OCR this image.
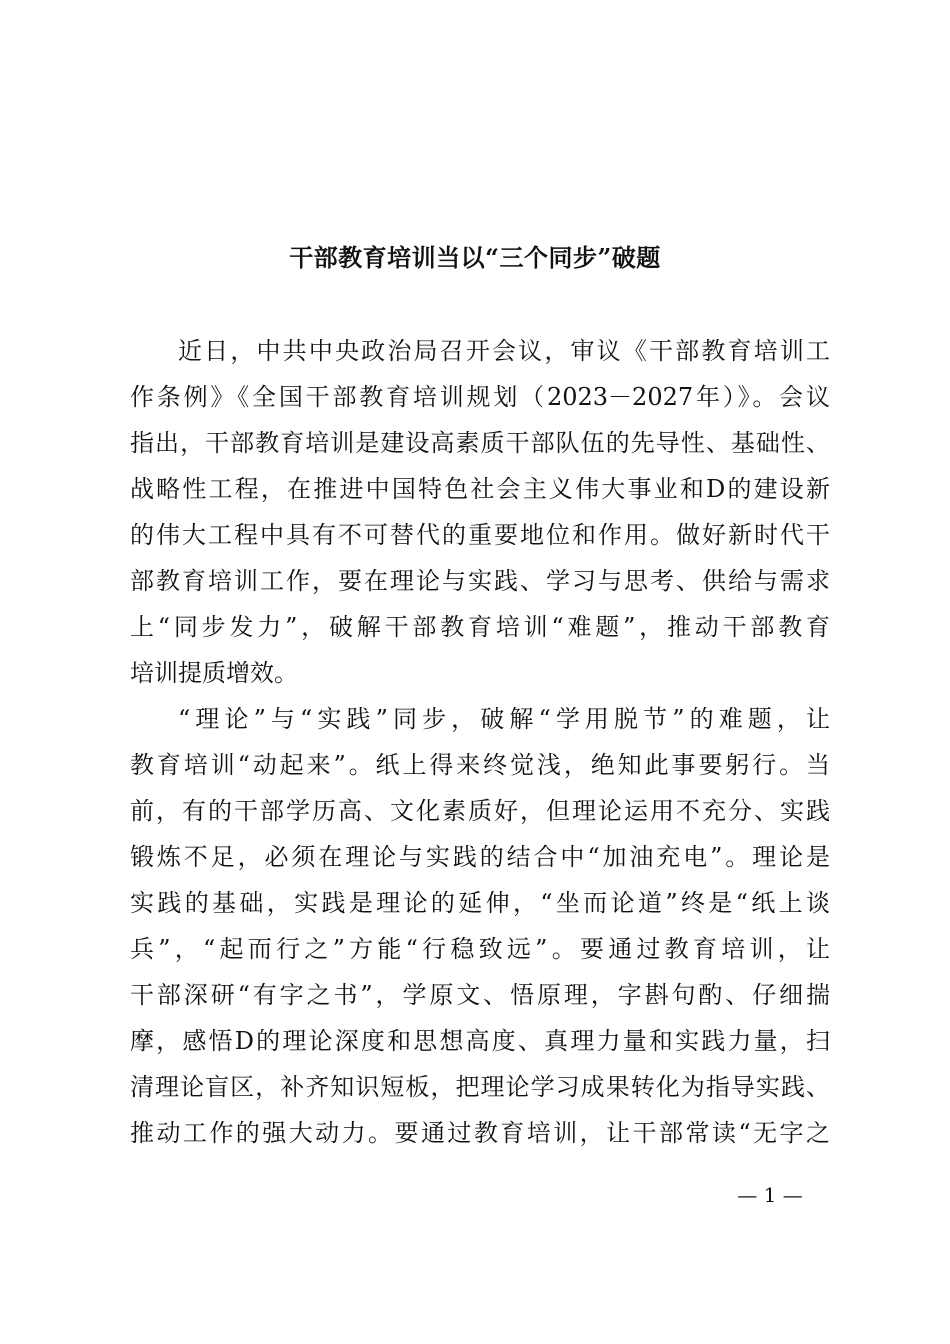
干部教育培训当以“三个同步”破题
近日，中共中央政治局召开会议，审议《干部教育培训工
作条例》《全国干部教育培训规划（2023－2027年）》。会议
指出，干部教育培训是建设高素质干部队伍的先导性、基础性、
战略性工程，在推进中国特色社会主义伟大事业和D的建设新
的伟大工程中具有不可替代的重要地位和作用。做好新时代干
部教育培训工作，要在理论与实践、学习与思考、供给与需求
上“同步发力”，破解干部教育培训“难题”，推动干部教育
培训提质增效。
“理论”与“实践”同步，破解“学用脱节”的难题，让
教育培训“动起来”。纸上得来终觉浅，绝知此事要躬行。当
前，有的干部学历高、文化素质好，但理论运用不充分、实践
锻炼不足，必须在理论与实践的结合中“加油充电”。理论是
实践的基础，实践是理论的延伸，“坐而论道”终是“纸上谈
兵”，“起而行之”方能“行稳致远”。要通过教育培训，让
干部深研“有字之书”，学原文、悟原理，字斟句酌、仔细揣
摩，感悟D的理论深度和思想高度、真理力量和实践力量，扫
清理论盲区，补齐知识短板，把理论学习成果转化为指导实践、
推动工作的强大动力。要通过教育培训，让干部常读“无字之
— 1 —
